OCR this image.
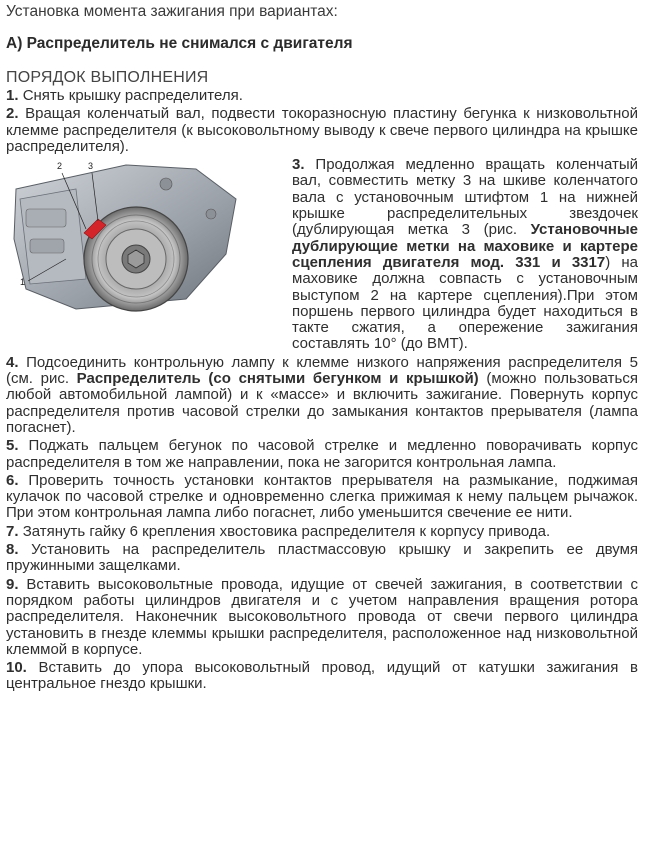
Установка момента зажигания при вариантах:

А) Распределитель не снимался с двигателя

ПОРЯДОК ВЫПОЛНЕНИЯ

1. Снять крышку распределителя.

2. Вращая коленчатый вал, подвести токоразносную пластину бегунка к низковольтной клемме распределителя (к высоковольтному выводу к свече первого цилиндра на крышке распределителя).

2	3
1

3. Продолжая медленно вращать коленчатый вал, совместить метку 3 на шкиве коленчатого вала с установочным штифтом 1 на нижней крышке распределительных звездочек (дублирующая метка 3 (рис. Установочные дублирующие метки на маховике и картере сцепления двигателя мод. 331 и 3317) на маховике должна совпасть с установочным выступом 2 на картере сцепления).При этом поршень первого цилиндра будет находиться в такте сжатия, а опережение зажигания составлять 10° (до ВМТ).

4. Подсоединить контрольную лампу к клемме низкого напряжения распределителя 5 (см. рис. Распределитель (со снятыми бегунком и крышкой) (можно пользоваться любой автомобильной лампой) и к «массе» и включить зажигание. Повернуть корпус распределителя против часовой стрелки до замыкания контактов прерывателя (лампа погаснет).

5. Поджать пальцем бегунок по часовой стрелке и медленно поворачивать корпус распределителя в том же направлении, пока не загорится контрольная лампа.

6. Проверить точность установки контактов прерывателя на размыкание, поджимая кулачок по часовой стрелке и одновременно слегка прижимая к нему пальцем рычажок. При этом контрольная лампа либо погаснет, либо уменьшится свечение ее нити.

7. Затянуть гайку 6 крепления хвостовика распределителя к корпусу привода.

8. Установить на распределитель пластмассовую крышку и закрепить ее двумя пружинными защелками.

9. Вставить высоковольтные провода, идущие от свечей зажигания, в соответствии с порядком работы цилиндров двигателя и с учетом направления вращения ротора распределителя. Наконечник высоковольтного провода от свечи первого цилиндра установить в гнезде клеммы крышки распределителя, расположенное над низковольтной клеммой в корпусе.

10. Вставить до упора высоковольтный провод, идущий от катушки зажигания в центральное гнездо крышки.
